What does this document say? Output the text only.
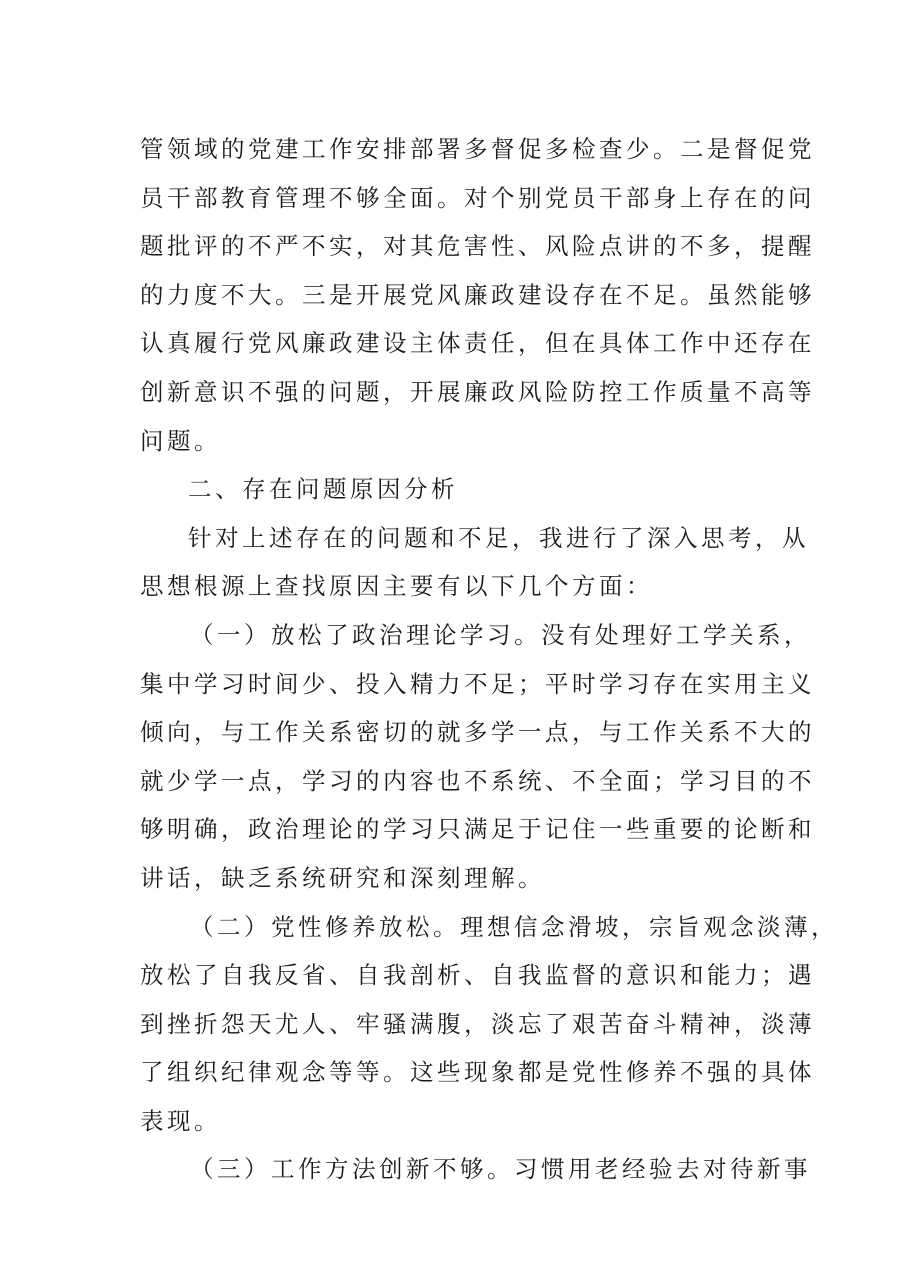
管领域的党建工作安排部署多督促多检查少。二是督促党
员干部教育管理不够全面。对个别党员干部身上存在的问
题批评的不严不实，对其危害性、风险点讲的不多，提醒
的力度不大。三是开展党风廉政建设存在不足。虽然能够
认真履行党风廉政建设主体责任，但在具体工作中还存在
创新意识不强的问题，开展廉政风险防控工作质量不高等
问题。
二、存在问题原因分析
针对上述存在的问题和不足，我进行了深入思考，从
思想根源上查找原因主要有以下几个方面：
（一）放松了政治理论学习。没有处理好工学关系，
集中学习时间少、投入精力不足；平时学习存在实用主义
倾向，与工作关系密切的就多学一点，与工作关系不大的
就少学一点，学习的内容也不系统、不全面；学习目的不
够明确，政治理论的学习只满足于记住一些重要的论断和
讲话，缺乏系统研究和深刻理解。
（二）党性修养放松。理想信念滑坡，宗旨观念淡薄，
放松了自我反省、自我剖析、自我监督的意识和能力；遇
到挫折怨天尤人、牢骚满腹，淡忘了艰苦奋斗精神，淡薄
了组织纪律观念等等。这些现象都是党性修养不强的具体
表现。
（三）工作方法创新不够。习惯用老经验去对待新事
